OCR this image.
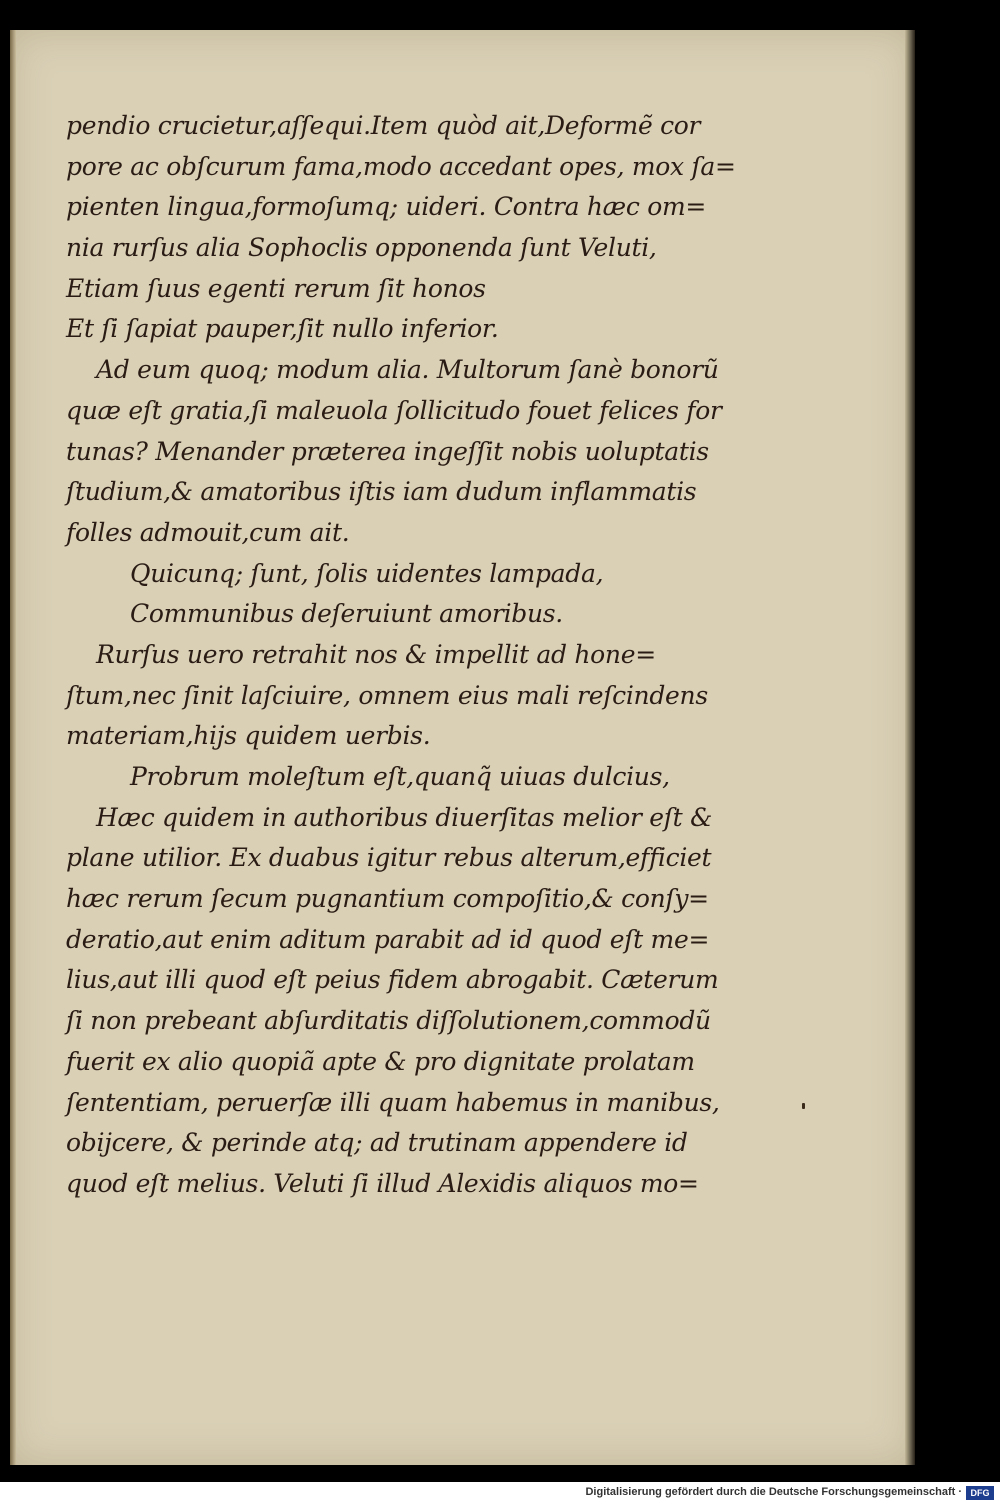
pendio crucietur,aſſequi.Item quòd ait,Deformẽ cor
pore ac obſcurum fama,modo accedant opes, mox ſa=
pienten lingua,formoſumq; uideri. Contra hæc om=
nia rurſus alia Sophoclis opponenda ſunt Veluti,
Etiam ſuus egenti rerum ſit honos
Et ſi ſapiat pauper,ſit nullo inferior.
Ad eum quoq; modum alia. Multorum ſanè bonorũ
quæ eſt gratia,ſi maleuola ſollicitudo fouet felices for
tunas? Menander præterea ingeſſit nobis uoluptatis
ſtudium,& amatoribus iſtis iam dudum inflammatis
folles admouit,cum ait.
Quicunq; ſunt, ſolis uidentes lampada,
Communibus deſeruiunt amoribus.
Rurſus uero retrahit nos & impellit ad hone=
ſtum,nec ſinit laſciuire, omnem eius mali reſcindens
materiam,hijs quidem uerbis.
Probrum moleſtum eſt,quanq̃ uiuas dulcius,
Hæc quidem in authoribus diuerſitas melior eſt &
plane utilior. Ex duabus igitur rebus alterum,efficiet
hæc rerum ſecum pugnantium compoſitio,& conſy=
deratio,aut enim aditum parabit ad id quod eſt me=
lius,aut illi quod eſt peius fidem abrogabit. Cæterum
ſi non prebeant abſurditatis diſſolutionem,commodũ
fuerit ex alio quopiã apte & pro dignitate prolatam
ſententiam, peruerſæ illi quam habemus in manibus,
obijcere, & perinde atq; ad trutinam appendere id
quod eſt melius. Veluti ſi illud Alexidis aliquos mo=
Digitalisierung gefördert durch die Deutsche Forschungsgemeinschaft · DFG
